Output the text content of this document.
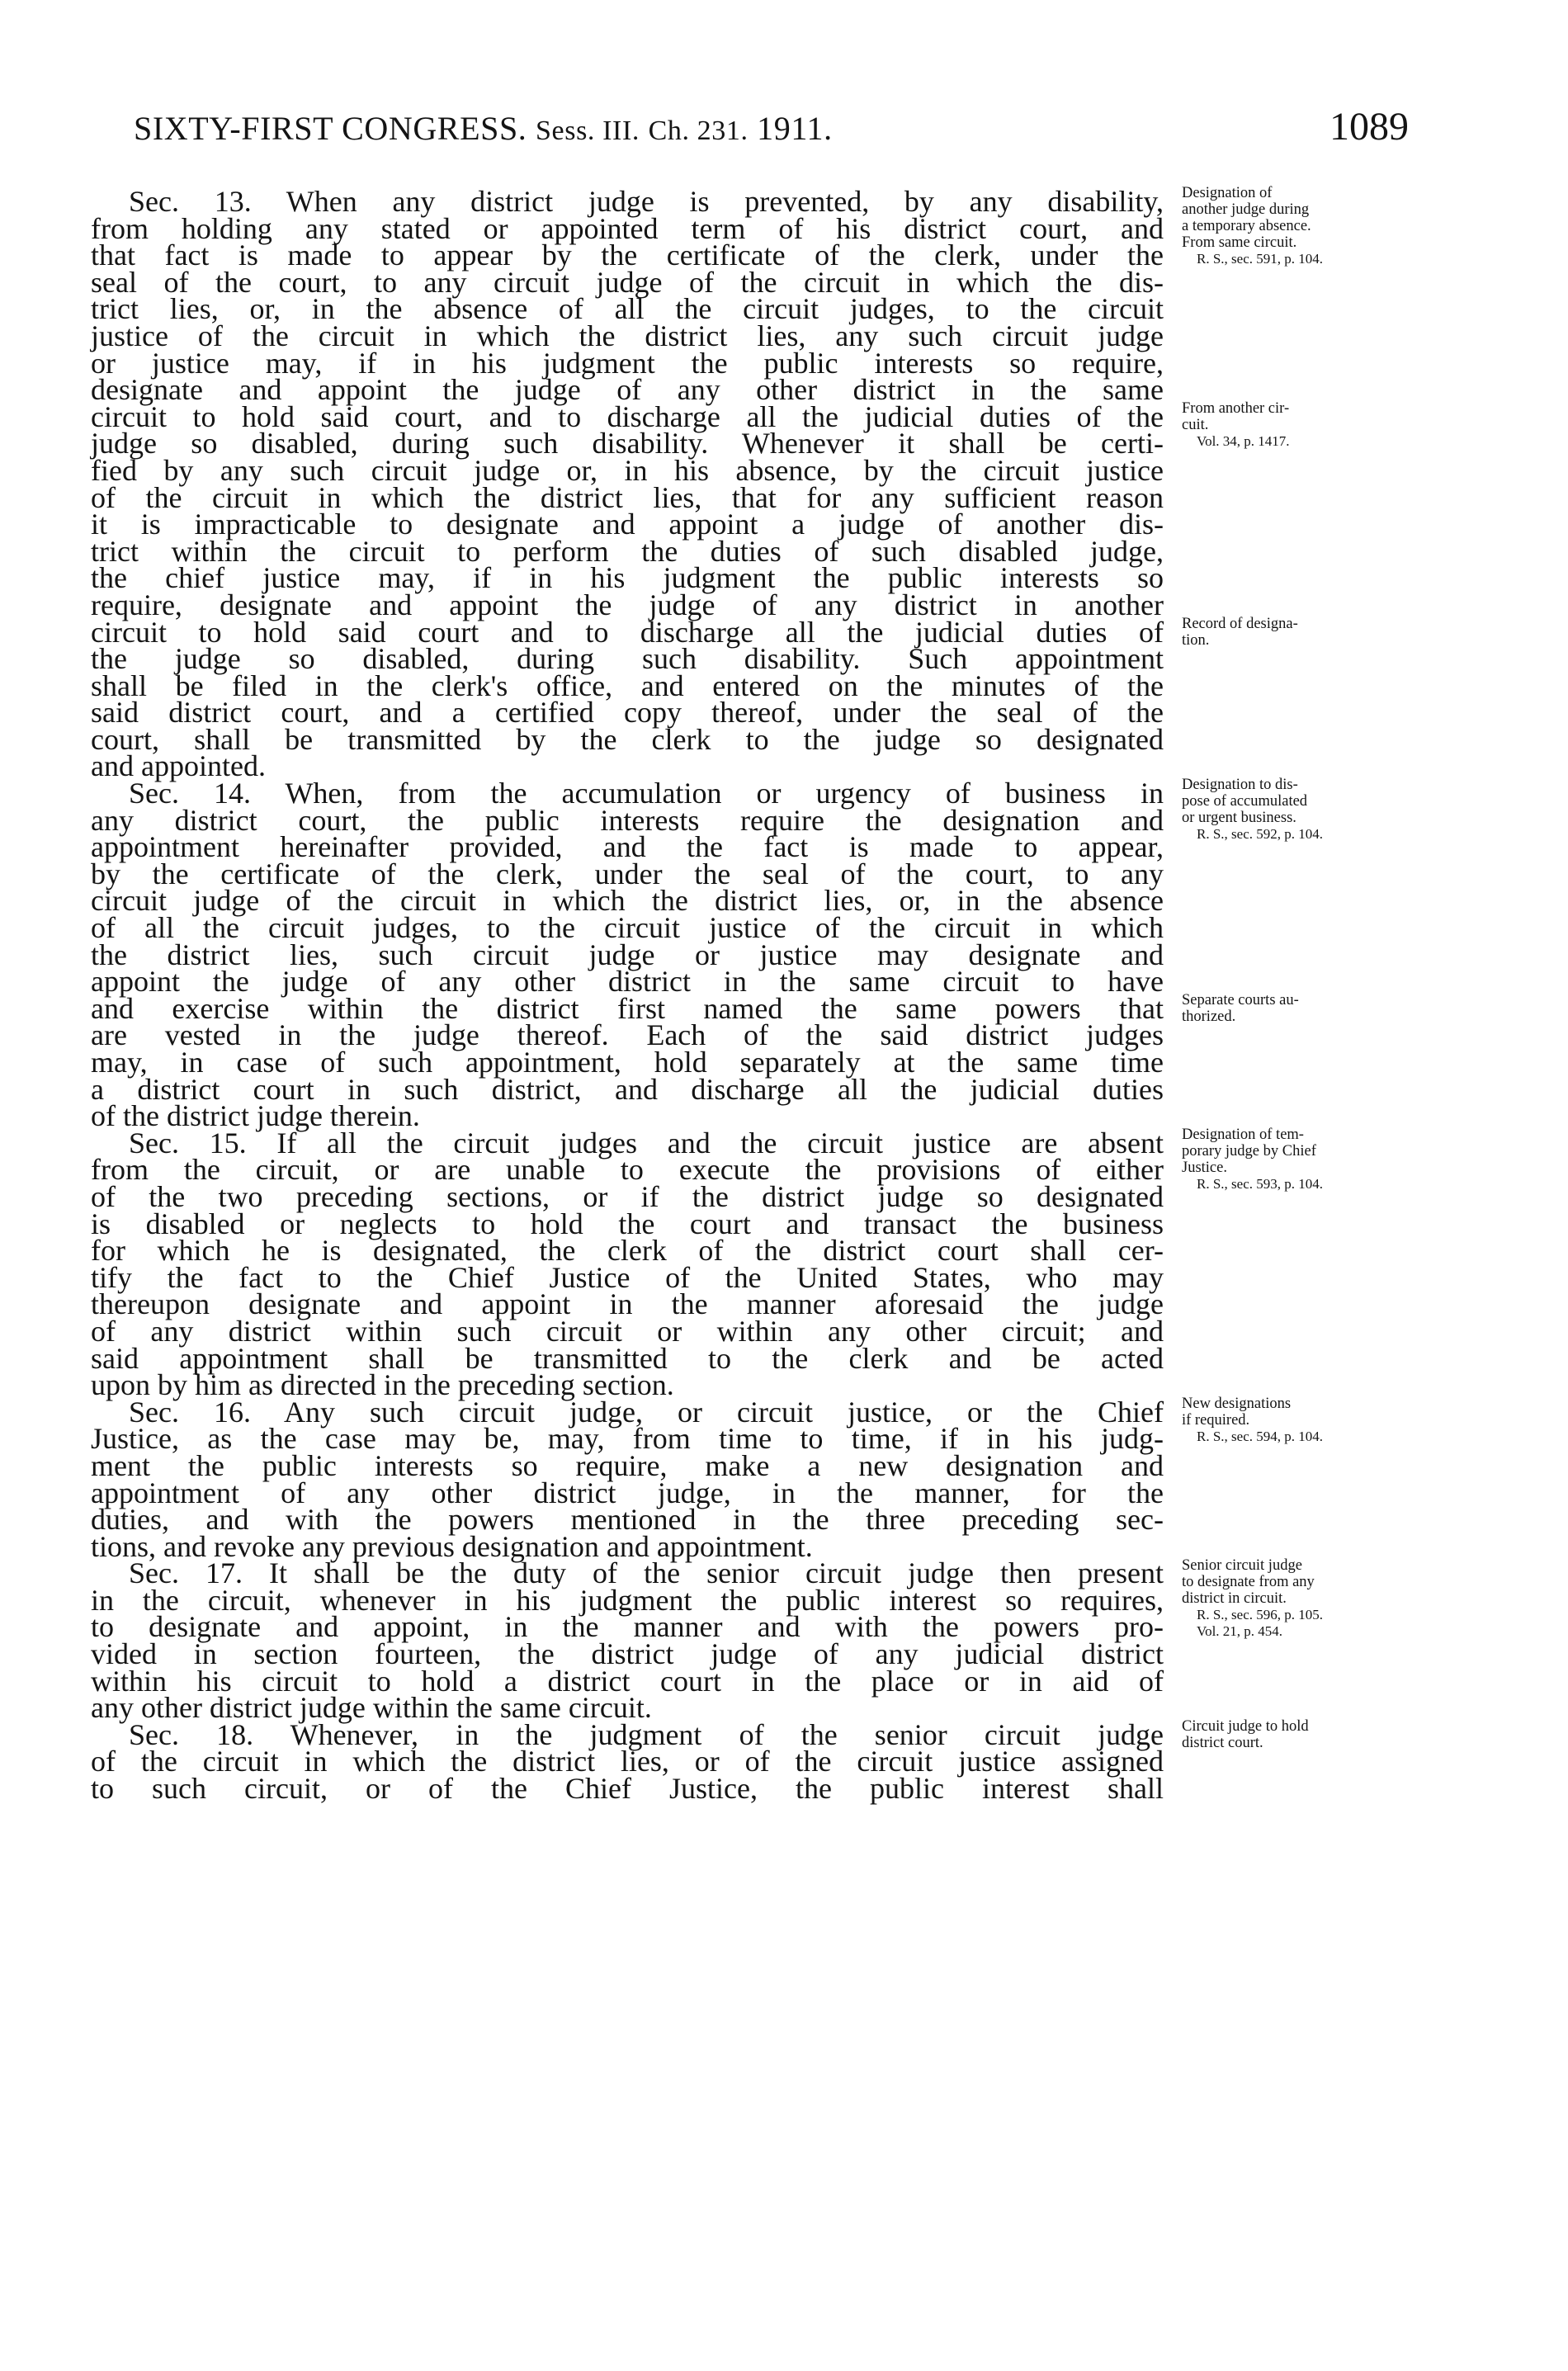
SIXTY-FIRST CONGRESS. Sess. III. Ch. 231. 1911.	1089
Sec. 13. When any district judge is prevented, by any disability,
from holding any stated or appointed term of his district court, and
that fact is made to appear by the certificate of the clerk, under the
seal of the court, to any circuit judge of the circuit in which the dis-
trict lies, or, in the absence of all the circuit judges, to the circuit
justice of the circuit in which the district lies, any such circuit judge
or justice may, if in his judgment the public interests so require,
designate and appoint the judge of any other district in the same
circuit to hold said court, and to discharge all the judicial duties of the
judge so disabled, during such disability. Whenever it shall be certi-
fied by any such circuit judge or, in his absence, by the circuit justice
of the circuit in which the district lies, that for any sufficient reason
it is impracticable to designate and appoint a judge of another dis-
trict within the circuit to perform the duties of such disabled judge,
the chief justice may, if in his judgment the public interests so
require, designate and appoint the judge of any district in another
circuit to hold said court and to discharge all the judicial duties of
the judge so disabled, during such disability. Such appointment
shall be filed in the clerk's office, and entered on the minutes of the
said district court, and a certified copy thereof, under the seal of the
court, shall be transmitted by the clerk to the judge so designated
and appointed.
Sec. 14. When, from the accumulation or urgency of business in
any district court, the public interests require the designation and
appointment hereinafter provided, and the fact is made to appear,
by the certificate of the clerk, under the seal of the court, to any
circuit judge of the circuit in which the district lies, or, in the absence
of all the circuit judges, to the circuit justice of the circuit in which
the district lies, such circuit judge or justice may designate and
appoint the judge of any other district in the same circuit to have
and exercise within the district first named the same powers that
are vested in the judge thereof. Each of the said district judges
may, in case of such appointment, hold separately at the same time
a district court in such district, and discharge all the judicial duties
of the district judge therein.
Sec. 15. If all the circuit judges and the circuit justice are absent
from the circuit, or are unable to execute the provisions of either
of the two preceding sections, or if the district judge so designated
is disabled or neglects to hold the court and transact the business
for which he is designated, the clerk of the district court shall cer-
tify the fact to the Chief Justice of the United States, who may
thereupon designate and appoint in the manner aforesaid the judge
of any district within such circuit or within any other circuit; and
said appointment shall be transmitted to the clerk and be acted
upon by him as directed in the preceding section.
Sec. 16. Any such circuit judge, or circuit justice, or the Chief
Justice, as the case may be, may, from time to time, if in his judg-
ment the public interests so require, make a new designation and
appointment of any other district judge, in the manner, for the
duties, and with the powers mentioned in the three preceding sec-
tions, and revoke any previous designation and appointment.
Sec. 17. It shall be the duty of the senior circuit judge then present
in the circuit, whenever in his judgment the public interest so requires,
to designate and appoint, in the manner and with the powers pro-
vided in section fourteen, the district judge of any judicial district
within his circuit to hold a district court in the place or in aid of
any other district judge within the same circuit.
Sec. 18. Whenever, in the judgment of the senior circuit judge
of the circuit in which the district lies, or of the circuit justice assigned
to such circuit, or of the Chief Justice, the public interest shall
Designation of
another judge during
a temporary absence.
From same circuit.
R. S., sec. 591, p. 104.
From another cir-
cuit.
Vol. 34, p. 1417.
Record of designa-
tion.
Designation to dis-
pose of accumulated
or urgent business.
R. S., sec. 592, p. 104.
Separate courts au-
thorized.
Designation of tem-
porary judge by Chief
Justice.
R. S., sec. 593, p. 104.
New designations
if required.
R. S., sec. 594, p. 104.
Senior circuit judge
to designate from any
district in circuit.
R. S., sec. 596, p. 105.
Vol. 21, p. 454.
Circuit judge to hold
district court.
